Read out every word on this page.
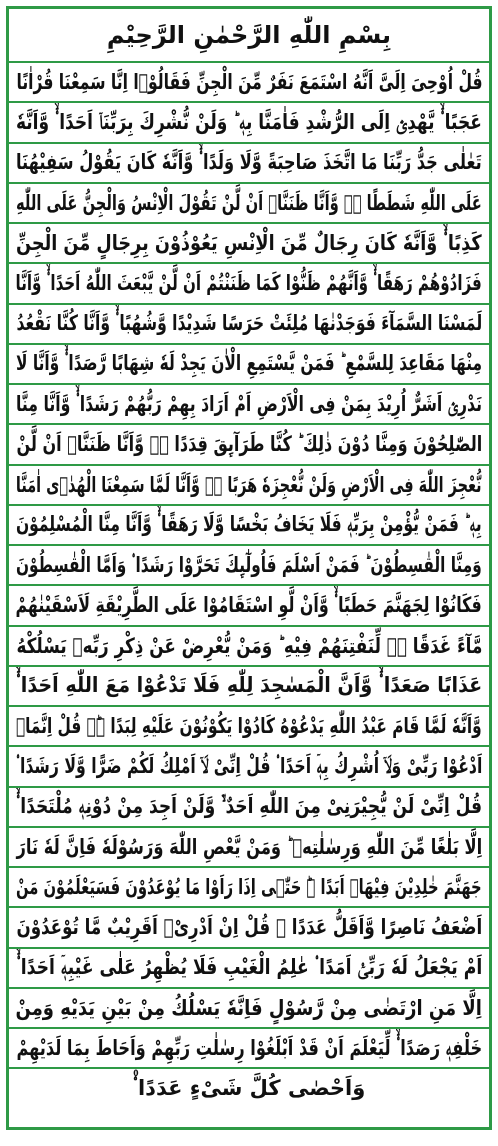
بِسْمِ اللّٰهِ الرَّحْمٰنِ الرَّحِیْمِ
قُلْ اُوْحِیَ اِلَیَّ اَنَّهُ اسْتَمَعَ نَفَرٌ مِّنَ الْجِنِّ فَقَالُوْۤا اِنَّا سَمِعْنَا قُرْاٰنًا
عَجَبًا ۟ۙ یَّهْدِیْۤ اِلَی الرُّشْدِ فَاٰمَنَّا بِهٖ ؕ وَلَنْ نُّشْرِكَ بِرَبِّنَاۤ اَحَدًا ۟ۙ وَّاَنَّهٗ
تَعٰلٰی جَدُّ رَبِّنَا مَا اتَّخَذَ صَاحِبَةً وَّلَا وَلَدًا ۟ۙ وَّاَنَّهٗ كَانَ یَقُوْلُ سَفِیْهُنَا
عَلَی اللّٰهِ شَطَطًا ۟ۙ وَّاَنَّا ظَنَنَّاۤ اَنْ لَّنْ تَقُوْلَ الْاِنْسُ وَالْجِنُّ عَلَی اللّٰهِ
كَذِبًا ۟ۙ وَّاَنَّهٗ كَانَ رِجَالٌ مِّنَ الْاِنْسِ یَعُوْذُوْنَ بِرِجَالٍ مِّنَ الْجِنِّ
فَزَادُوْهُمْ رَهَقًا ۟ۙ وَّاَنَّهُمْ ظَنُّوْا كَمَا ظَنَنْتُمْ اَنْ لَّنْ یَّبْعَثَ اللّٰهُ اَحَدًا ۟ۙ وَّاَنَّا
لَمَسْنَا السَّمَآءَ فَوَجَدْنٰهَا مُلِئَتْ حَرَسًا شَدِیْدًا وَّشُهُبًا ۟ۙ وَّاَنَّا كُنَّا نَقْعُدُ
مِنْهَا مَقَاعِدَ لِلسَّمْعِ ؕ فَمَنْ یَّسْتَمِعِ الْاٰنَ یَجِدْ لَهٗ شِهَابًا رَّصَدًا ۟ۙ وَّاَنَّا لَا
نَدْرِیْۤ اَشَرٌّ اُرِیْدَ بِمَنْ فِی الْاَرْضِ اَمْ اَرَادَ بِهِمْ رَبُّهُمْ رَشَدًا ۟ۙ وَّاَنَّا مِنَّا
الصّٰلِحُوْنَ وَمِنَّا دُوْنَ ذٰلِكَ ؕ كُنَّا طَرَآىِٕقَ قِدَدًا ۟ۙ وَّاَنَّا ظَنَنَّاۤ اَنْ لَّنْ
نُّعْجِزَ اللّٰهَ فِی الْاَرْضِ وَلَنْ نُّعْجِزَهٗ هَرَبًا ۟ۙ وَّاَنَّا لَمَّا سَمِعْنَا الْهُدٰۤی اٰمَنَّا
بِهٖ ؕ فَمَنْ یُّؤْمِنْ بِرَبِّهٖ فَلَا یَخَافُ بَخْسًا وَّلَا رَهَقًا ۟ۙ وَّاَنَّا مِنَّا الْمُسْلِمُوْنَ
وَمِنَّا الْقٰسِطُوْنَ ؕ فَمَنْ اَسْلَمَ فَاُولٰٓىِٕكَ تَحَرَّوْا رَشَدًا ۟ وَاَمَّا الْقٰسِطُوْنَ
فَكَانُوْا لِجَهَنَّمَ حَطَبًا ۟ۙ وَّاَنْ لَّوِ اسْتَقَامُوْا عَلَی الطَّرِیْقَةِ لَاَسْقَیْنٰهُمْ
مَّآءً غَدَقًا ۟ۙ لِّنَفْتِنَهُمْ فِیْهِ ؕ وَمَنْ یُّعْرِضْ عَنْ ذِكْرِ رَبِّهٖ یَسْلُكْهُ
عَذَابًا صَعَدًا ۟ۙ وَّاَنَّ الْمَسٰجِدَ لِلّٰهِ فَلَا تَدْعُوْا مَعَ اللّٰهِ اَحَدًا ۟ۙ
وَّاَنَّهٗ لَمَّا قَامَ عَبْدُ اللّٰهِ یَدْعُوْهُ كَادُوْا یَكُوْنُوْنَ عَلَیْهِ لِبَدًا ۟ؕ۠ قُلْ اِنَّمَاۤ
اَدْعُوْا رَبِّیْ وَلَاۤ اُشْرِكُ بِهٖۤ اَحَدًا ۟ قُلْ اِنِّیْ لَاۤ اَمْلِكُ لَكُمْ ضَرًّا وَّلَا رَشَدًا ۟
قُلْ اِنِّیْ لَنْ یُّجِیْرَنِیْ مِنَ اللّٰهِ اَحَدٌ ۙ۬ وَّلَنْ اَجِدَ مِنْ دُوْنِهٖ مُلْتَحَدًا ۟ۙ
اِلَّا بَلٰغًا مِّنَ اللّٰهِ وَرِسٰلٰتِهٖ ؕ وَمَنْ یَّعْصِ اللّٰهَ وَرَسُوْلَهٗ فَاِنَّ لَهٗ نَارَ
جَهَنَّمَ خٰلِدِیْنَ فِیْهَاۤ اَبَدًا ۟ؕ حَتّٰۤی اِذَا رَاَوْا مَا یُوْعَدُوْنَ فَسَیَعْلَمُوْنَ مَنْ
اَضْعَفُ نَاصِرًا وَّاَقَلُّ عَدَدًا ۟ قُلْ اِنْ اَدْرِیْۤ اَقَرِیْبٌ مَّا تُوْعَدُوْنَ
اَمْ یَجْعَلُ لَهٗ رَبِّیْۤ اَمَدًا ۟ عٰلِمُ الْغَیْبِ فَلَا یُظْهِرُ عَلٰی غَیْبِهٖۤ اَحَدًا ۟ۙ
اِلَّا مَنِ ارْتَضٰی مِنْ رَّسُوْلٍ فَاِنَّهٗ یَسْلُكُ مِنْ بَیْنِ یَدَیْهِ وَمِنْ
خَلْفِهٖ رَصَدًا ۟ۙ لِّیَعْلَمَ اَنْ قَدْ اَبْلَغُوْا رِسٰلٰتِ رَبِّهِمْ وَاَحَاطَ بِمَا لَدَیْهِمْ
وَاَحْصٰی كُلَّ شَیْءٍ عَدَدًا ۟۠
